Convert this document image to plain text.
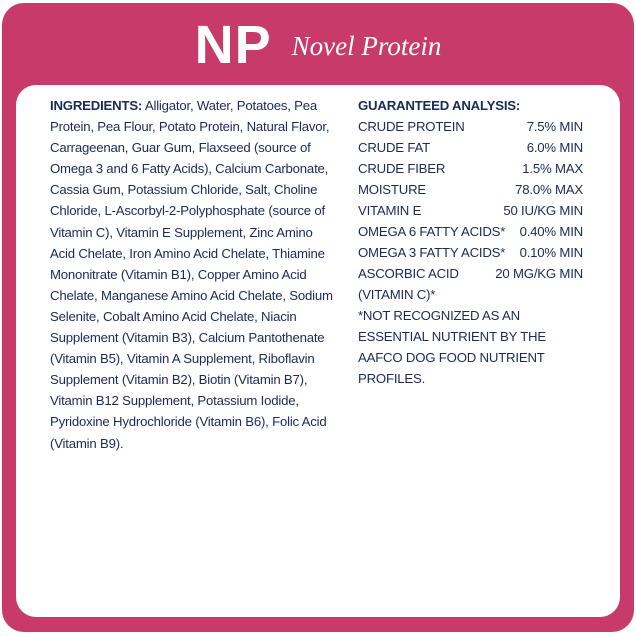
NP Novel Protein
INGREDIENTS: Alligator, Water, Potatoes, Pea Protein, Pea Flour, Potato Protein, Natural Flavor, Carrageenan, Guar Gum, Flaxseed (source of Omega 3 and 6 Fatty Acids), Calcium Carbonate, Cassia Gum, Potassium Chloride, Salt, Choline Chloride, L-Ascorbyl-2-Polyphosphate (source of Vitamin C), Vitamin E Supplement, Zinc Amino Acid Chelate, Iron Amino Acid Chelate, Thiamine Mononitrate (Vitamin B1), Copper Amino Acid Chelate, Manganese Amino Acid Chelate, Sodium Selenite, Cobalt Amino Acid Chelate, Niacin Supplement (Vitamin B3), Calcium Pantothenate (Vitamin B5), Vitamin A Supplement, Riboflavin Supplement (Vitamin B2), Biotin (Vitamin B7), Vitamin B12 Supplement, Potassium Iodide, Pyridoxine Hydrochloride (Vitamin B6), Folic Acid (Vitamin B9).
GUARANTEED ANALYSIS:
CRUDE PROTEIN	7.5% MIN
CRUDE FAT	6.0% MIN
CRUDE FIBER	1.5% MAX
MOISTURE	78.0% MAX
VITAMIN E	50 IU/KG MIN
OMEGA 6 FATTY ACIDS* 0.40% MIN
OMEGA 3 FATTY ACIDS* 0.10% MIN
ASCORBIC ACID	20 MG/KG MIN
(VITAMIN C)*
*NOT RECOGNIZED AS AN ESSENTIAL NUTRIENT BY THE AAFCO DOG FOOD NUTRIENT PROFILES.
